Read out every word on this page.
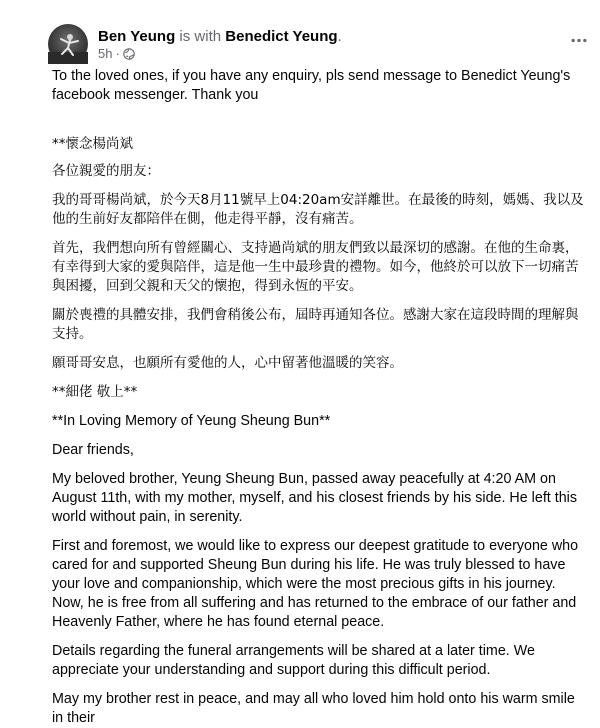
Ben Yeung is with Benedict Yeung.
5h ·

To the loved ones, if you have any enquiry, pls send message to Benedict Yeung's facebook messenger. Thank you

**懷念楊尚斌

各位親愛的朋友：

我的哥哥楊尚斌，於今天8月11號早上04:20am安詳離世。在最後的時刻，媽媽、我以及他的生前好友都陪伴在側，他走得平靜，沒有痛苦。

首先，我們想向所有曾經關心、支持過尚斌的朋友們致以最深切的感謝。在他的生命裏，有幸得到大家的愛與陪伴，這是他一生中最珍貴的禮物。如今，他終於可以放下一切痛苦與困擾，回到父親和天父的懷抱，得到永恆的平安。

關於喪禮的具體安排，我們會稍後公布，屆時再通知各位。感謝大家在這段時間的理解與支持。

願哥哥安息，也願所有愛他的人，心中留著他溫暖的笑容。

**細佬 敬上**

**In Loving Memory of Yeung Sheung Bun**

Dear friends,

My beloved brother, Yeung Sheung Bun, passed away peacefully at 4:20 AM on August 11th, with my mother, myself, and his closest friends by his side. He left this world without pain, in serenity.

First and foremost, we would like to express our deepest gratitude to everyone who cared for and supported Sheung Bun during his life. He was truly blessed to have your love and companionship, which were the most precious gifts in his journey. Now, he is free from all suffering and has returned to the embrace of our father and Heavenly Father, where he has found eternal peace.

Details regarding the funeral arrangements will be shared at a later time. We appreciate your understanding and support during this difficult period.

May my brother rest in peace, and may all who loved him hold onto his warm smile in their
